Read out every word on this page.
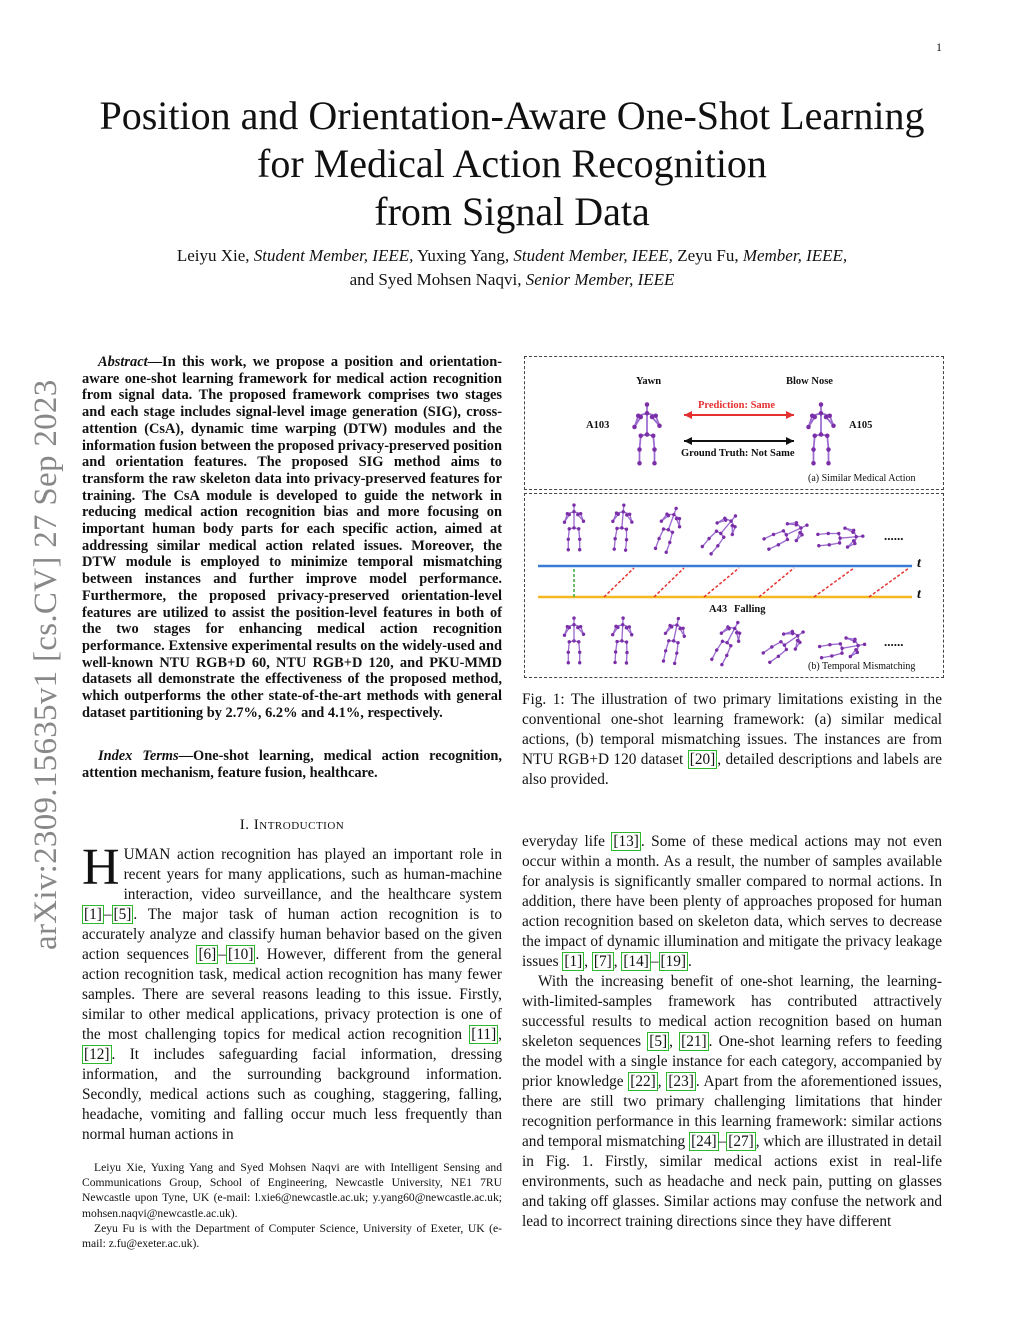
1
Position and Orientation-Aware One-Shot Learning
for Medical Action Recognition
from Signal Data
Leiyu Xie, Student Member, IEEE, Yuxing Yang, Student Member, IEEE, Zeyu Fu, Member, IEEE,
and Syed Mohsen Naqvi, Senior Member, IEEE
arXiv:2309.15635v1 [cs.CV] 27 Sep 2023
Abstract—In this work, we propose a position and orientation-aware one-shot learning framework for medical action recognition from signal data. The proposed framework comprises two stages and each stage includes signal-level image generation (SIG), cross-attention (CsA), dynamic time warping (DTW) modules and the information fusion between the proposed privacy-preserved position and orientation features. The proposed SIG method aims to transform the raw skeleton data into privacy-preserved features for training. The CsA module is developed to guide the network in reducing medical action recognition bias and more focusing on important human body parts for each specific action, aimed at addressing similar medical action related issues. Moreover, the DTW module is employed to minimize temporal mismatching between instances and further improve model performance. Furthermore, the proposed privacy-preserved orientation-level features are utilized to assist the position-level features in both of the two stages for enhancing medical action recognition performance. Extensive experimental results on the widely-used and well-known NTU RGB+D 60, NTU RGB+D 120, and PKU-MMD datasets all demonstrate the effectiveness of the proposed method, which outperforms the other state-of-the-art methods with general dataset partitioning by 2.7%, 6.2% and 4.1%, respectively.
Index Terms—One-shot learning, medical action recognition, attention mechanism, feature fusion, healthcare.
I. Introduction
HUMAN action recognition has played an important role in recent years for many applications, such as human-machine interaction, video surveillance, and the healthcare system [1] – [5] . The major task of human action recognition is to accurately analyze and classify human behavior based on the given action sequences [6] – [10] . However, different from the general action recognition task, medical action recognition has many fewer samples. There are several reasons leading to this issue. Firstly, similar to other medical applications, privacy protection is one of the most challenging topics for medical action recognition [11] , [12] . It includes safeguarding facial information, dressing information, and the surrounding background information. Secondly, medical actions such as coughing, staggering, falling, headache, vomiting and falling occur much less frequently than normal human actions in

Leiyu Xie, Yuxing Yang and Syed Mohsen Naqvi are with Intelligent Sensing and Communications Group, School of Engineering, Newcastle University, NE1 7RU Newcastle upon Tyne, UK (e-mail: l.xie6@newcastle.ac.uk; y.yang60@newcastle.ac.uk; mohsen.naqvi@newcastle.ac.uk).

Zeyu Fu is with the Department of Computer Science, University of Exeter, UK (e-mail: z.fu@exeter.ac.uk).

Yawn	Blow Nose
A103	A105
Prediction: Same
Ground Truth: Not Same
(a) Similar Medical Action
......
......
t
t
A43 Falling
(b) Temporal Mismatching
Fig. 1: The illustration of two primary limitations existing in the conventional one-shot learning framework: (a) similar medical actions, (b) temporal mismatching issues. The instances are from NTU RGB+D 120 dataset [20] , detailed descriptions and labels are also provided.

everyday life [13] . Some of these medical actions may not even occur within a month. As a result, the number of samples available for analysis is significantly smaller compared to normal actions. In addition, there have been plenty of approaches proposed for human action recognition based on skeleton data, which serves to decrease the impact of dynamic illumination and mitigate the privacy leakage issues [1] , [7] , [14] – [19] .

With the increasing benefit of one-shot learning, the learning-with-limited-samples framework has contributed attractively successful results to medical action recognition based on human skeleton sequences [5] , [21] . One-shot learning refers to feeding the model with a single instance for each category, accompanied by prior knowledge [22] , [23] . Apart from the aforementioned issues, there are still two primary challenging limitations that hinder recognition performance in this learning framework: similar actions and temporal mismatching [24] – [27] , which are illustrated in detail in Fig. 1. Firstly, similar medical actions exist in real-life environments, such as headache and neck pain, putting on glasses and taking off glasses. Similar actions may confuse the network and lead to incorrect training directions since they have different
